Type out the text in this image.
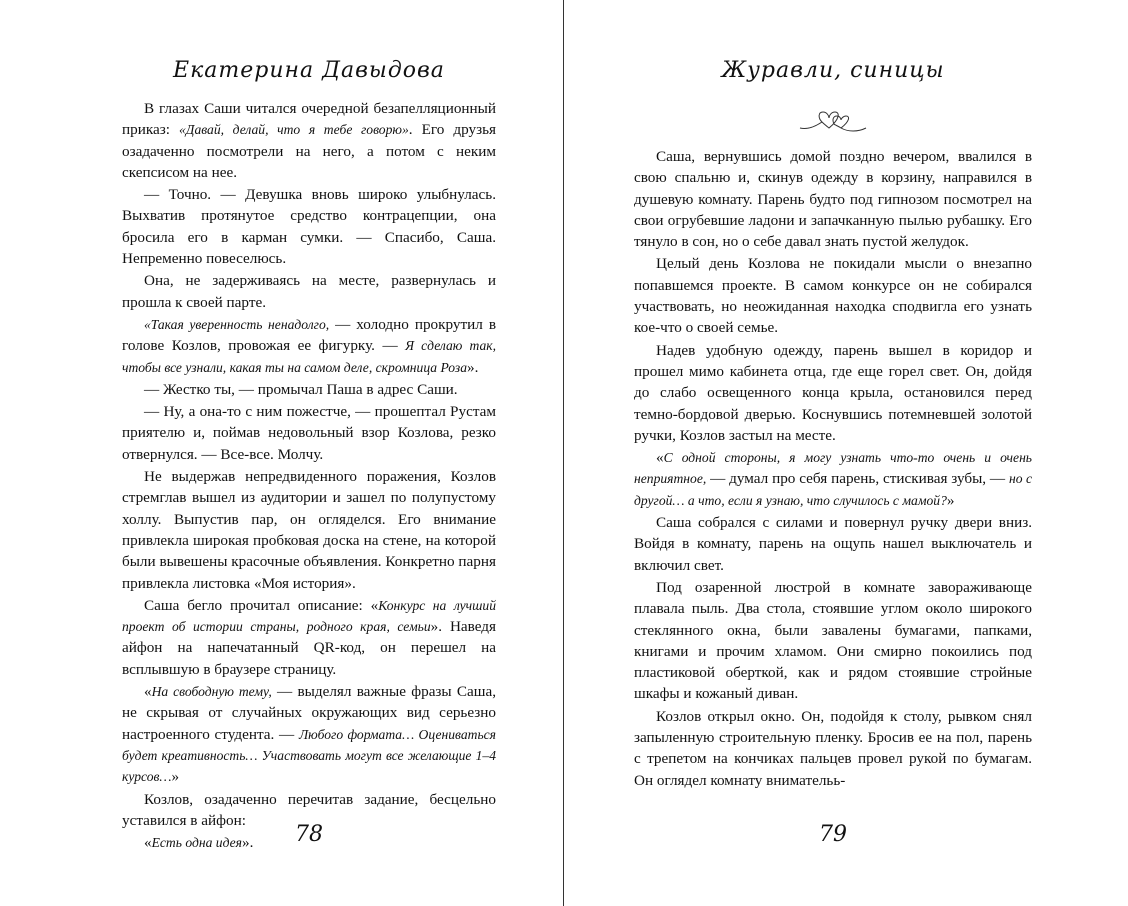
Екатерина Давыдова

В глазах Саши читался очередной безапелляционный приказ: «Давай, делай, что я тебе говорю». Его друзья озадаченно посмотрели на него, а потом с неким скепсисом на нее.

— Точно. — Девушка вновь широко улыбнулась. Выхватив протянутое средство контрацепции, она бросила его в карман сумки. — Спасибо, Саша. Непременно повеселюсь.

Она, не задерживаясь на месте, развернулась и прошла к своей парте.

«Такая уверенность ненадолго, — холодно прокрутил в голове Козлов, провожая ее фигурку. — Я сделаю так, чтобы все узнали, какая ты на самом деле, скромница Роза».

— Жестко ты, — промычал Паша в адрес Саши.

— Ну, а она-то с ним пожестче, — прошептал Рустам приятелю и, поймав недовольный взор Козлова, резко отвернулся. — Все-все. Молчу.

Не выдержав непредвиденного поражения, Козлов стремглав вышел из аудитории и зашел по полупустому холлу. Выпустив пар, он огляделся. Его внимание привлекла широкая пробковая доска на стене, на которой были вывешены красочные объявления. Конкретно парня привлекла листовка «Моя история».

Саша бегло прочитал описание: «Конкурс на лучший проект об истории страны, родного края, семьи». Наведя айфон на напечатанный QR-код, он перешел на всплывшую в браузере страницу.

«На свободную тему, — выделял важные фразы Саша, не скрывая от случайных окружающих вид серьезно настроенного студента. — Любого формата… Оцениваться будет креативность… Участвовать могут все желающие 1–4 курсов…»

Козлов, озадаченно перечитав задание, бесцельно уставился в айфон:

«Есть одна идея».	78
Журавли, синицы

Саша, вернувшись домой поздно вечером, ввалился в свою спальню и, скинув одежду в корзину, направился в душевую комнату. Парень будто под гипнозом посмотрел на свои огрубевшие ладони и запачканную пылью рубашку. Его тянуло в сон, но о себе давал знать пустой желудок.

Целый день Козлова не покидали мысли о внезапно попавшемся проекте. В самом конкурсе он не собирался участвовать, но неожиданная находка сподвигла его узнать кое-что о своей семье.

Надев удобную одежду, парень вышел в коридор и прошел мимо кабинета отца, где еще горел свет. Он, дойдя до слабо освещенного конца крыла, остановился перед темно-бордовой дверью. Коснувшись потемневшей золотой ручки, Козлов застыл на месте.

«С одной стороны, я могу узнать что-то очень и очень неприятное, — думал про себя парень, стискивая зубы, — но с другой… а что, если я узнаю, что случилось с мамой?»

Саша собрался с силами и повернул ручку двери вниз. Войдя в комнату, парень на ощупь нашел выключатель и включил свет.

Под озаренной люстрой в комнате завораживающе плавала пыль. Два стола, стоявшие углом около широкого стеклянного окна, были завалены бумагами, папками, книгами и прочим хламом. Они смирно покоились под пластиковой оберткой, как и рядом стоявшие стройные шкафы и кожаный диван.

Козлов открыл окно. Он, подойдя к столу, рывком снял запыленную строительную пленку. Бросив ее на пол, парень с трепетом на кончиках пальцев провел рукой по бумагам. Он оглядел комнату внимательь-

79
